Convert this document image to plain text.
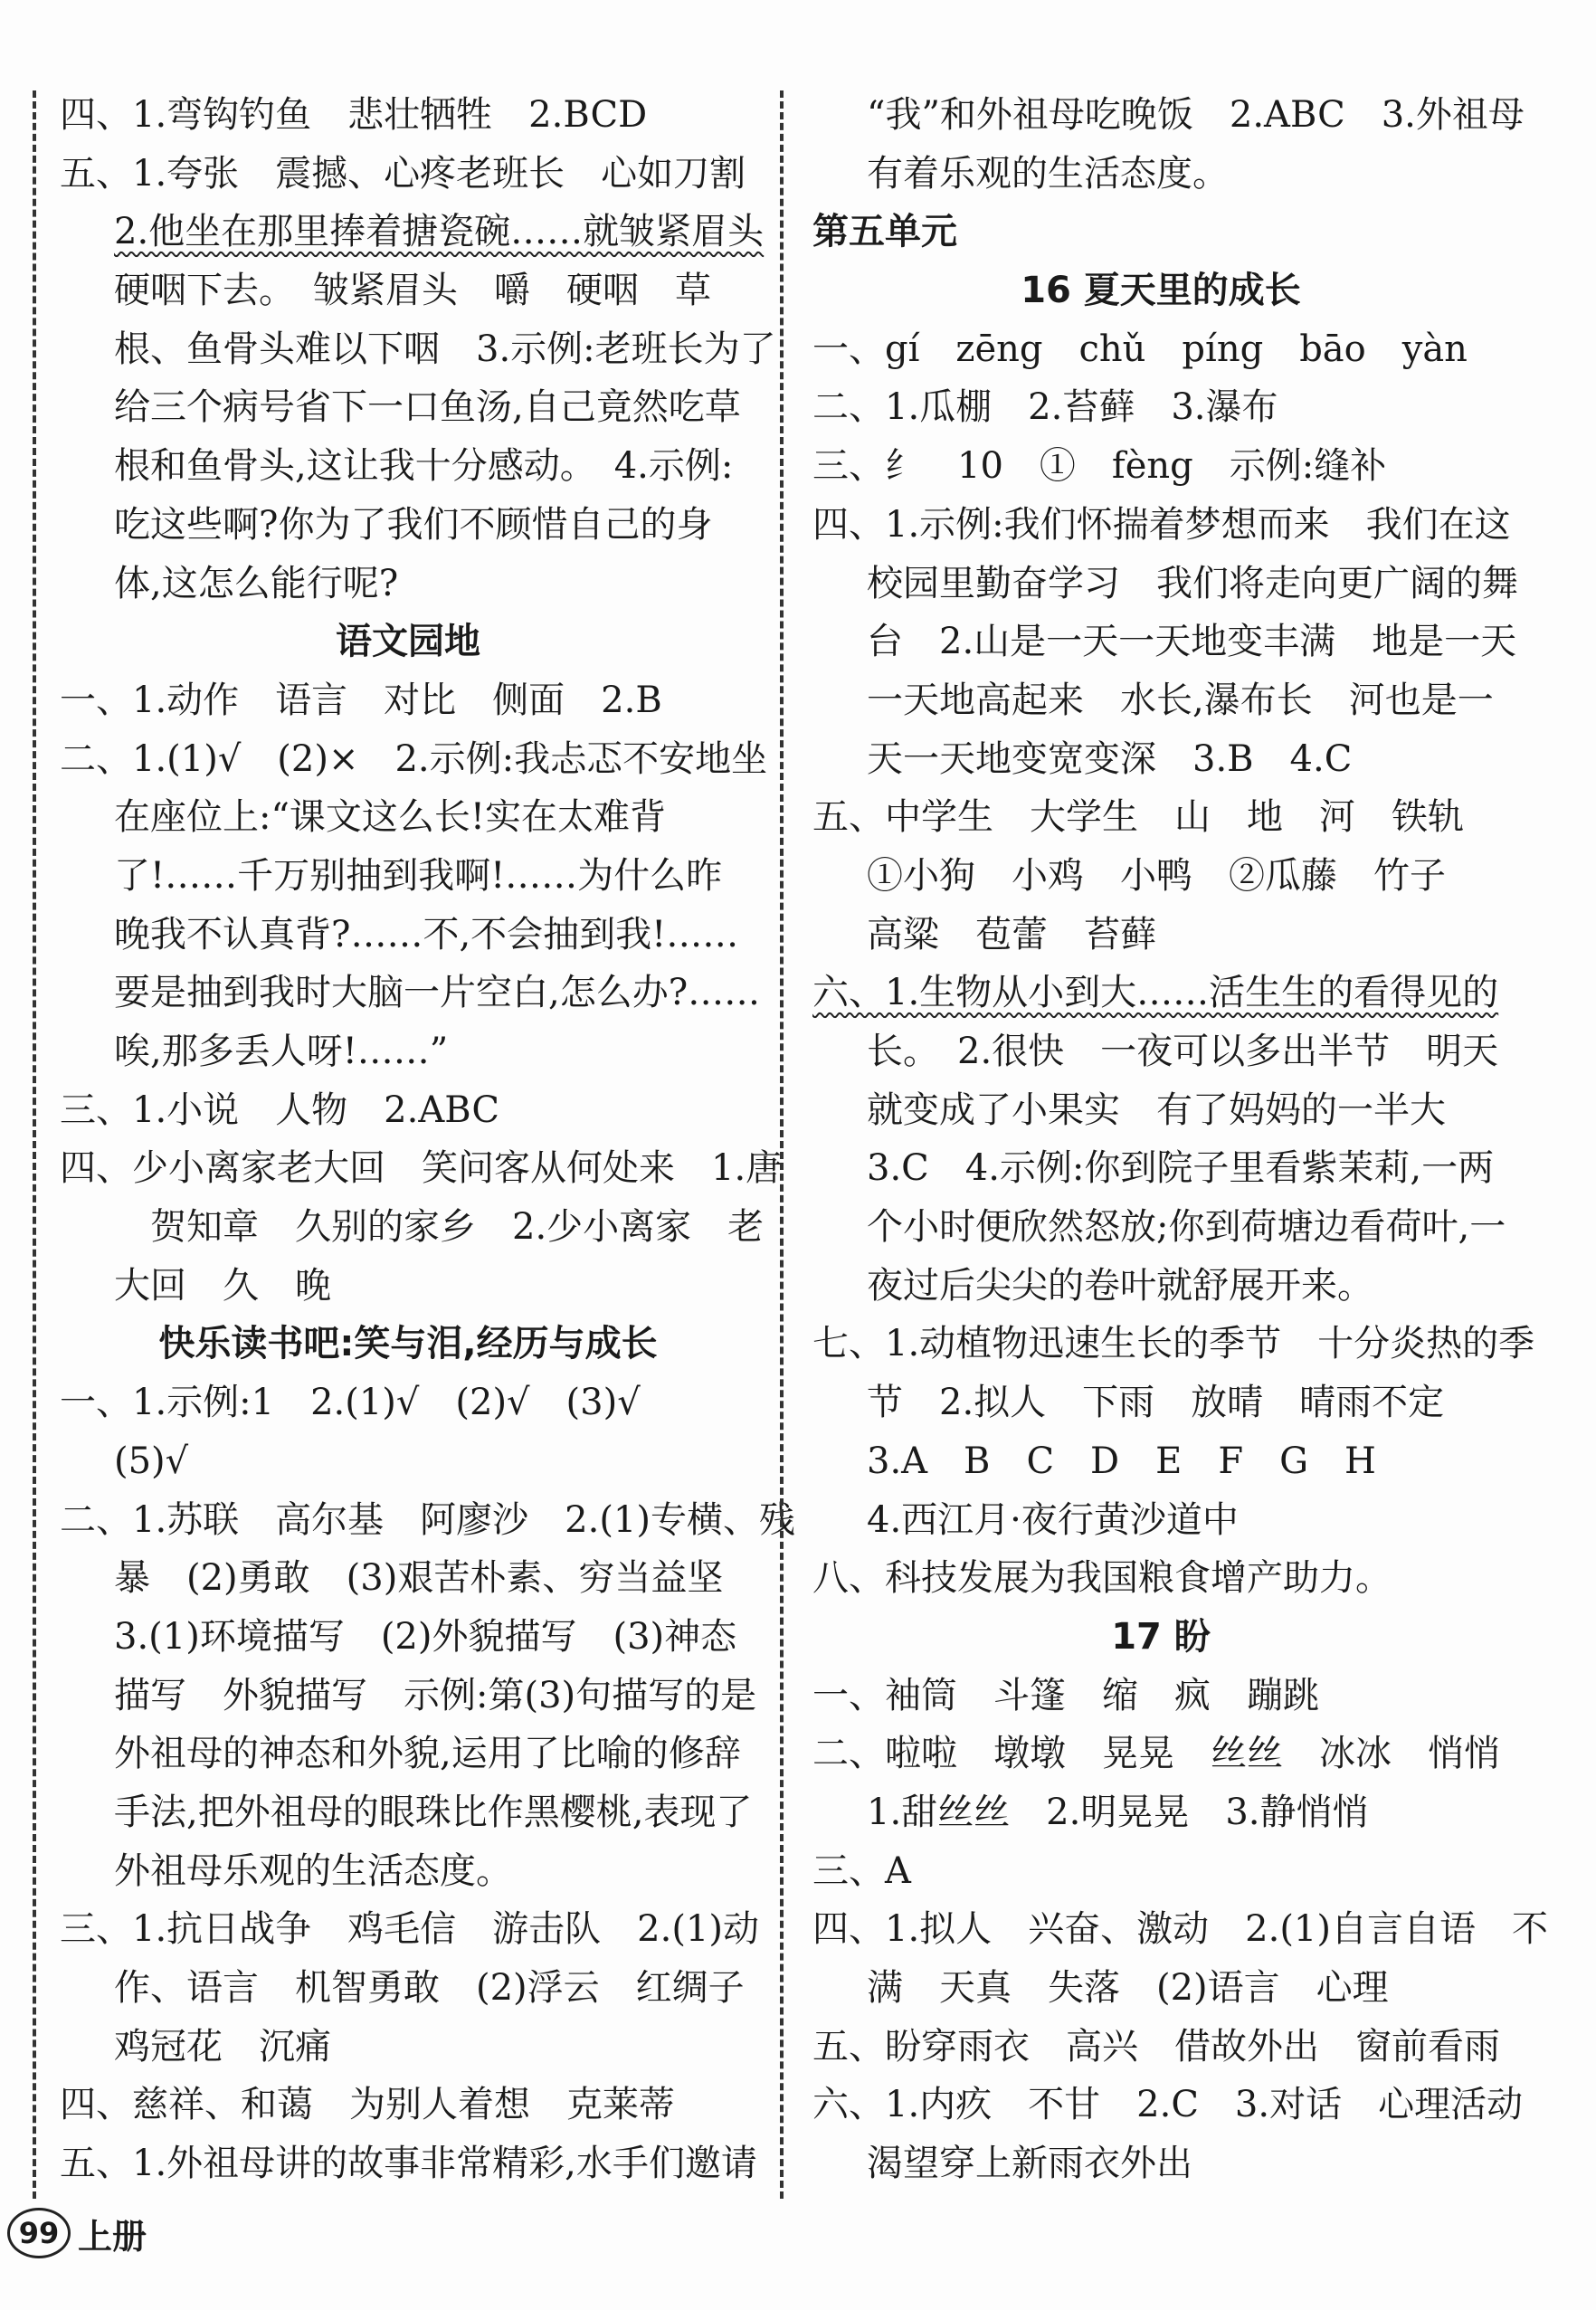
四、1.弯钩钓鱼　悲壮牺牲　2.BCD
五、1.夸张　震撼、心疼老班长　心如刀割
2.他坐在那里捧着搪瓷碗……就皱紧眉头
硬咽下去。　皱紧眉头　嚼　硬咽　草
根、鱼骨头难以下咽　3.示例:老班长为了
给三个病号省下一口鱼汤,自己竟然吃草
根和鱼骨头,这让我十分感动。　4.示例:
吃这些啊?你为了我们不顾惜自己的身
体,这怎么能行呢?
语文园地
一、1.动作　语言　对比　侧面　2.B
二、1.(1)√　(2)×　2.示例:我忐忑不安地坐
在座位上:“课文这么长!实在太难背
了!……千万别抽到我啊!……为什么昨
晚我不认真背?……不,不会抽到我!……
要是抽到我时大脑一片空白,怎么办?……
唉,那多丢人呀!……”
三、1.小说　人物　2.ABC
四、少小离家老大回　笑问客从何处来　1.唐
贺知章　久别的家乡　2.少小离家　老
大回　久　晚
快乐读书吧:笑与泪,经历与成长
一、1.示例:1　2.(1)√　(2)√　(3)√
(5)√
二、1.苏联　高尔基　阿廖沙　2.(1)专横、残
暴　(2)勇敢　(3)艰苦朴素、穷当益坚
3.(1)环境描写　(2)外貌描写　(3)神态
描写　外貌描写　示例:第(3)句描写的是
外祖母的神态和外貌,运用了比喻的修辞
手法,把外祖母的眼珠比作黑樱桃,表现了
外祖母乐观的生活态度。
三、1.抗日战争　鸡毛信　游击队　2.(1)动
作、语言　机智勇敢　(2)浮云　红绸子
鸡冠花　沉痛
四、慈祥、和蔼　为别人着想　克莱蒂
五、1.外祖母讲的故事非常精彩,水手们邀请
“我”和外祖母吃晚饭　2.ABC　3.外祖母
有着乐观的生活态度。
第五单元
16 夏天里的成长
一、gí　zēng　chǔ　píng　bāo　yàn
二、1.瓜棚　2.苔藓　3.瀑布
三、纟　10　①　fèng　示例:缝补
四、1.示例:我们怀揣着梦想而来　我们在这
校园里勤奋学习　我们将走向更广阔的舞
台　2.山是一天一天地变丰满　地是一天
一天地高起来　水长,瀑布长　河也是一
天一天地变宽变深　3.B　4.C
五、中学生　大学生　山　地　河　铁轨
①小狗　小鸡　小鸭　②瓜藤　竹子
高粱　苞蕾　苔藓
六、1.生物从小到大……活生生的看得见的
长。　2.很快　一夜可以多出半节　明天
就变成了小果实　有了妈妈的一半大
3.C　4.示例:你到院子里看紫茉莉,一两
个小时便欣然怒放;你到荷塘边看荷叶,一
夜过后尖尖的卷叶就舒展开来。
七、1.动植物迅速生长的季节　十分炎热的季
节　2.拟人　下雨　放晴　晴雨不定
3.A　B　C　D　E　F　G　H
4.西江月·夜行黄沙道中
八、科技发展为我国粮食增产助力。
17 盼
一、袖筒　斗篷　缩　疯　蹦跳
二、啦啦　墩墩　晃晃　丝丝　冰冰　悄悄
1.甜丝丝　2.明晃晃　3.静悄悄
三、A
四、1.拟人　兴奋、激动　2.(1)自言自语　不
满　天真　失落　(2)语言　心理
五、盼穿雨衣　高兴　借故外出　窗前看雨
六、1.内疚　不甘　2.C　3.对话　心理活动
渴望穿上新雨衣外出
99 上册
